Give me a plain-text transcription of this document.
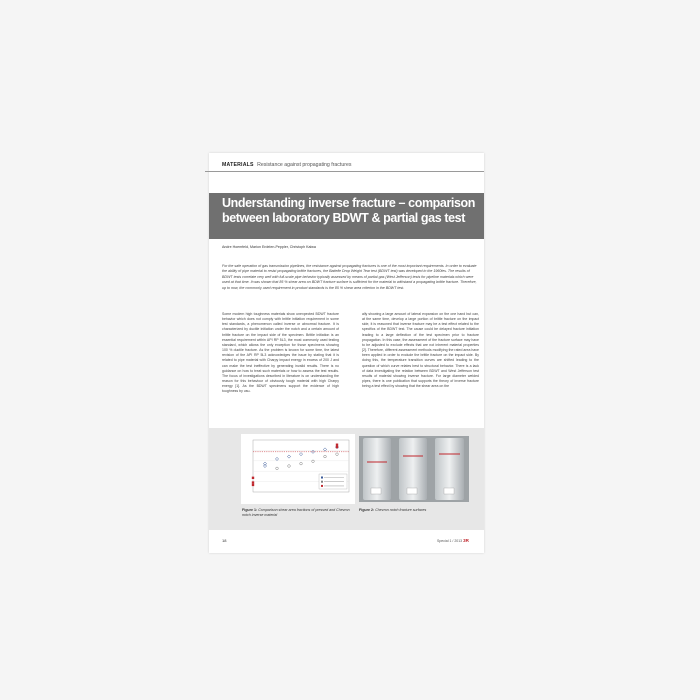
MATERIALS Resistance against propagating fractures
Understanding inverse fracture – comparison between laboratory BDWT & partial gas test
Andre Hoemfeld, Marion Erdelen-Peppler, Christoph Kalwa
For the safe operation of gas transmission pipelines, the resistance against propagating fractures is one of the most important requirements. In order to evaluate the ability of pipe material to resist propagating brittle fractures, the Battelle Drop Weight Tear test (BDWT test) was developed in the 1960ies. The results of BDWT tests correlate very well with full-scale pipe behavior typically assessed by means of partial gas (West Jefferson) tests for pipeline materials which were used at that time. It was shown that 85 % shear area on BDWT fracture surface is sufficient for the material to withstand a propagating brittle fracture. Therefore, up to now, the commonly used requirement in product standards is the 85 % shear area criterion in the BDWT test.

Some modern high toughness materials show unexpected BDWT fracture behavior which does not comply with brittle initiation requirement in some test standards, a phenomenon called inverse or abnormal fracture. It is characterized by ductile initiation under the notch and a certain amount of brittle fracture on the impact side of the specimen. Brittle initiation is an essential requirement within API RP 5L3, the most commonly used testing standard, which allows the only exception for those specimens showing 100 % ductile fracture. As the problem is known for some time, the latest revision of the API RP 5L3 acknowledges the issue by stating that it is related to pipe material with Charpy impact energy in excess of 200 J and can make the test ineffective by generating invalid results. There is no guidance on how to treat such materials or how to assess the test results. The focus of investigations described in literature is on understanding the reason for this behaviour of obviously tough material with high Charpy energy [1]. As the BDWT specimens support the evidence of high toughness by usu-

ally showing a large amount of lateral expansion on the one hand but can, at the same time, develop a large portion of brittle fracture on the impact side, it is reasoned that inverse fracture may be a test effect related to the specifics of the BDWT test. The cause could be delayed fracture initiation leading to a large deflection of the test specimen prior to fracture propagation. In this case, the assessment of the fracture surface may have to be adjusted to exclude effects that are not inherent material properties [2]. Therefore, different assessment methods modifying the rated area have been applied in order to exclude the brittle fracture on the impact side. By doing this, the temperature transition curves are shifted leading to the question of which curve relates best to structural behavior. There is a lack of data investigating the relation between BDWT and West Jefferson test results of material showing inverse fracture. For large diameter welded pipes, there is one publication that supports the theory of inverse fracture being a test effect by showing that the shear area on the

Figure 1: Comparison shear area fractions of pressed and Chevron notch inverse material
Figure 2: Chevron notch fracture surfaces
18	Special 1 / 2013 3R
